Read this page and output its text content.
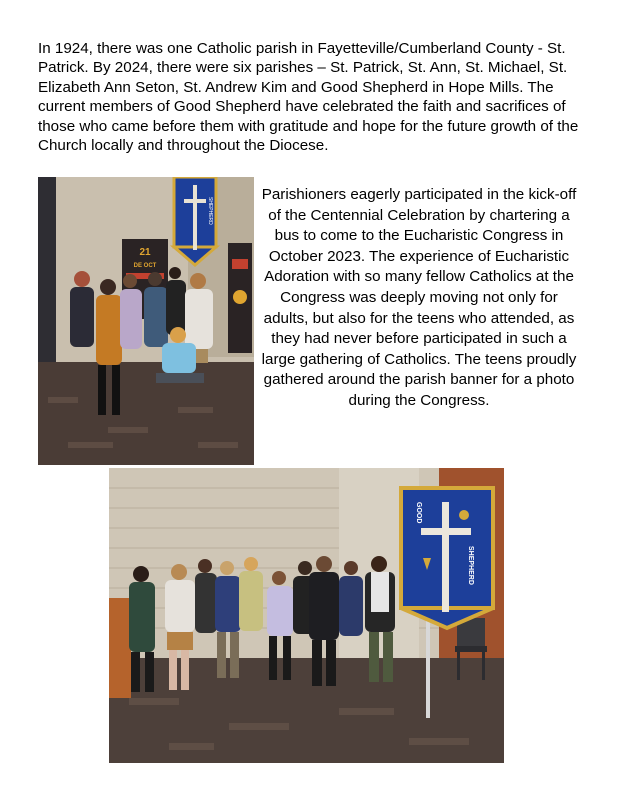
In 1924, there was one Catholic parish in Fayetteville/Cumberland County - St. Patrick. By 2024, there were six parishes – St. Patrick, St. Ann, St. Michael, St. Elizabeth Ann Seton, St. Andrew Kim and Good Shepherd in Hope Mills. The current members of Good Shepherd have celebrated the faith and sacrifices of those who came before them with gratitude and hope for the future growth of the Church locally and throughout the Diocese.

SHEPHERD
21
DE OCT

Parishioners eagerly participated in the kick-off of the Centennial Celebration by chartering a bus to come to the Eucharistic Congress in October 2023. The experience of Eucharistic Adoration with so many fellow Catholics at the Congress was deeply moving not only for adults, but also for the teens who attended, as they had never before participated in such a large gathering of Catholics. The teens proudly gathered around the parish banner for a photo during the Congress.

GOOD
SHEPHERD
